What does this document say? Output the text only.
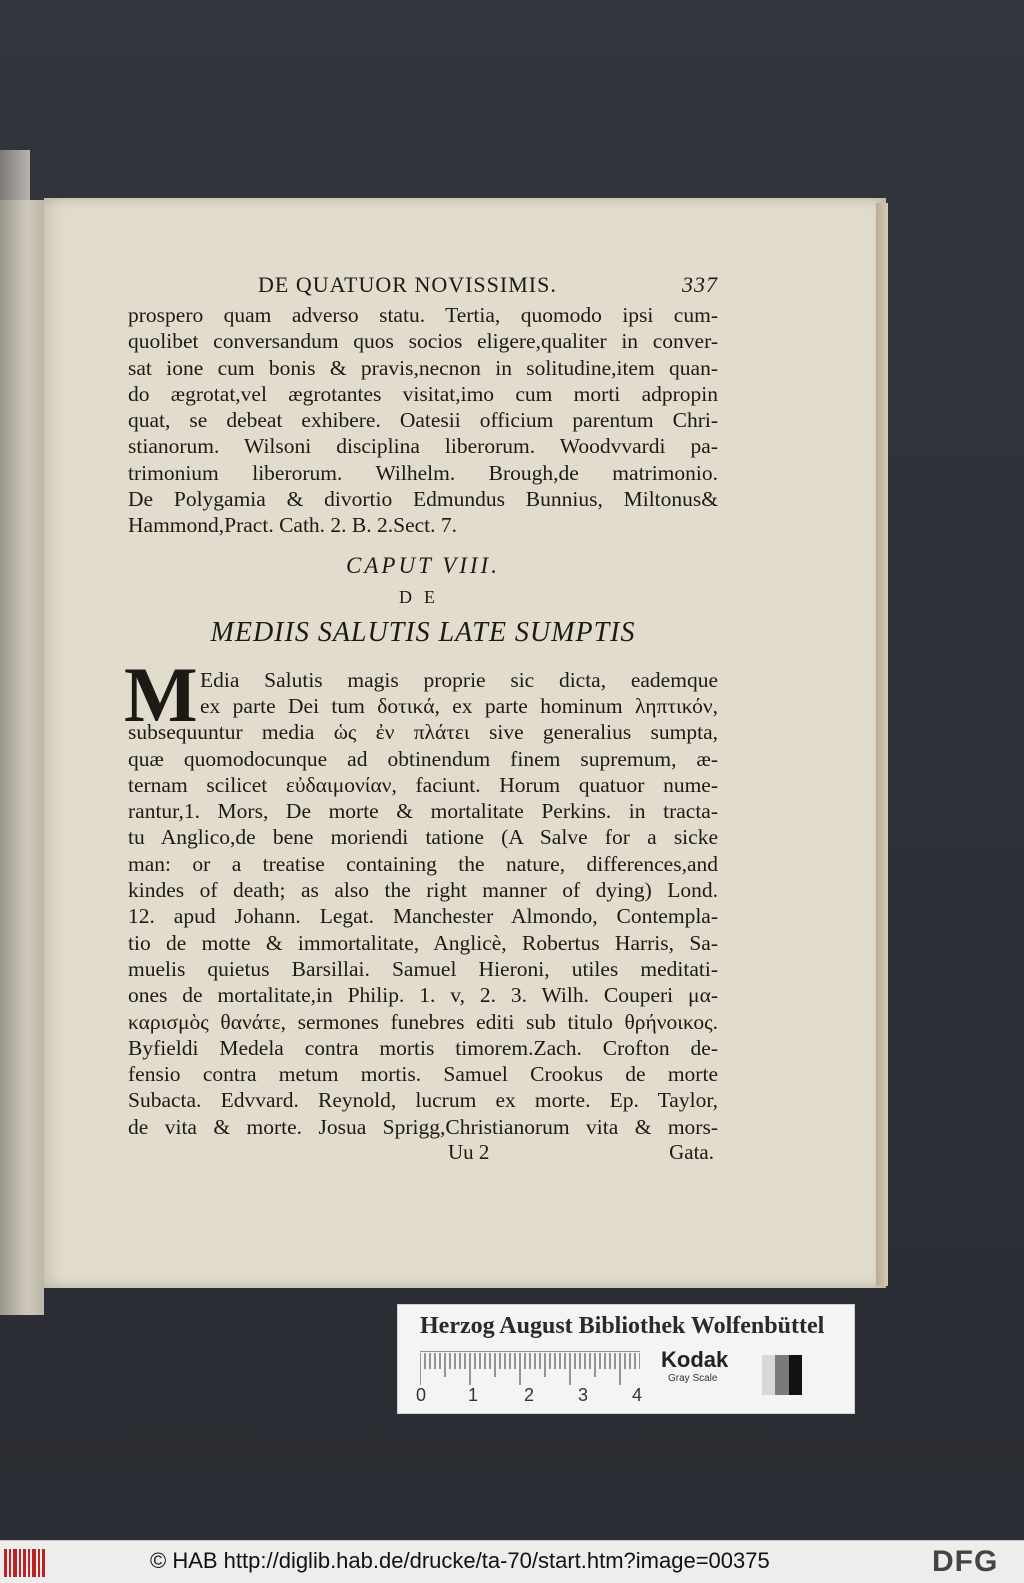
DE QUATUOR NOVISSIMIS.	337
prospero quam adverso statu. Tertia, quomodo ipsi cum-
quolibet conversandum quos socios eligere,qualiter in conver-
sat ione cum bonis & pravis,necnon in solitudine,item quan-
do ægrotat,vel ægrotantes visitat,imo cum morti adpropin
quat, se debeat exhibere. Oatesii officium parentum Chri-
stianorum. Wilsoni disciplina liberorum. Woodvvardi pa-
trimonium liberorum. Wilhelm. Brough,de matrimonio.
De Polygamia & divortio Edmundus Bunnius, Miltonus&
Hammond,Pract. Cath. 2. B. 2.Sect. 7.
CAPUT VIII.
DE
MEDIIS SALUTIS LATE SUMPTIS
M Edia Salutis magis proprie sic dicta, eademque
ex parte Dei tum δοτικά, ex parte hominum ληπτικόν,
subsequuntur media ὡς ἐν πλάτει sive generalius sumpta,
quæ quomodocunque ad obtinendum finem supremum, æ-
ternam scilicet εὐδαιμονίαν, faciunt. Horum quatuor nume-
rantur,1. Mors, De morte & mortalitate Perkins. in tracta-
tu Anglico,de bene moriendi tatione (A Salve for a sicke
man: or a treatise containing the nature, differences,and
kindes of death; as also the right manner of dying) Lond.
12. apud Johann. Legat. Manchester Almondo, Contempla-
tio de motte & immortalitate, Anglicè, Robertus Harris, Sa-
muelis quietus Barsillai. Samuel Hieroni, utiles meditati-
ones de mortalitate,in Philip. 1. v, 2. 3. Wilh. Couperi μα-
καρισμὸς θανάτε, sermones funebres editi sub titulo θρήνοικος.
Byfieldi Medela contra mortis timorem.Zach. Crofton de-
fensio contra metum mortis. Samuel Crookus de morte
Subacta. Edvvard. Reynold, lucrum ex morte. Ep. Taylor,
de vita & morte. Josua Sprigg,Christianorum vita & mors-
Uu 2	Gata.
Herzog August Bibliothek Wolfenbüttel
0 1	2 3 4
Kodak
Gray Scale
© HAB http://diglib.hab.de/drucke/ta-70/start.htm?image=00375	DFG
